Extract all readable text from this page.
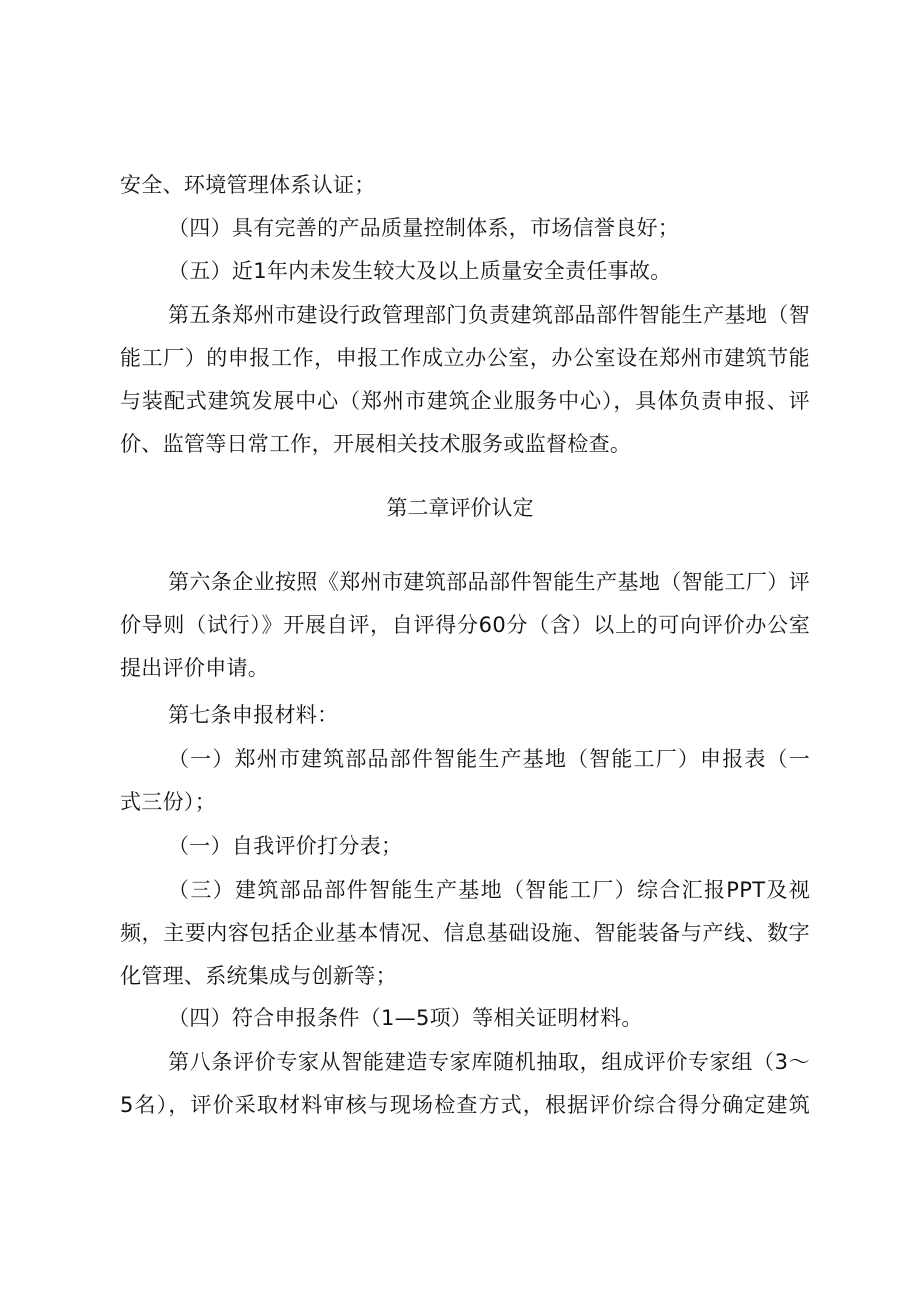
安全、环境管理体系认证；
（四）具有完善的产品质量控制体系，市场信誉良好；
（五）近1年内未发生较大及以上质量安全责任事故。
第五条郑州市建设行政管理部门负责建筑部品部件智能生产基地（智
能工厂）的申报工作，申报工作成立办公室，办公室设在郑州市建筑节能
与装配式建筑发展中心（郑州市建筑企业服务中心），具体负责申报、评
价、监管等日常工作，开展相关技术服务或监督检查。
第二章评价认定
第六条企业按照《郑州市建筑部品部件智能生产基地（智能工厂）评
价导则（试行）》开展自评，自评得分60分（含）以上的可向评价办公室
提出评价申请。
第七条申报材料：
（一）郑州市建筑部品部件智能生产基地（智能工厂）申报表（一
式三份）；
（一）自我评价打分表；
（三）建筑部品部件智能生产基地（智能工厂）综合汇报PPT及视
频，主要内容包括企业基本情况、信息基础设施、智能装备与产线、数字
化管理、系统集成与创新等；
（四）符合申报条件（1—5项）等相关证明材料。
第八条评价专家从智能建造专家库随机抽取，组成评价专家组（3～
5名），评价采取材料审核与现场检查方式，根据评价综合得分确定建筑
